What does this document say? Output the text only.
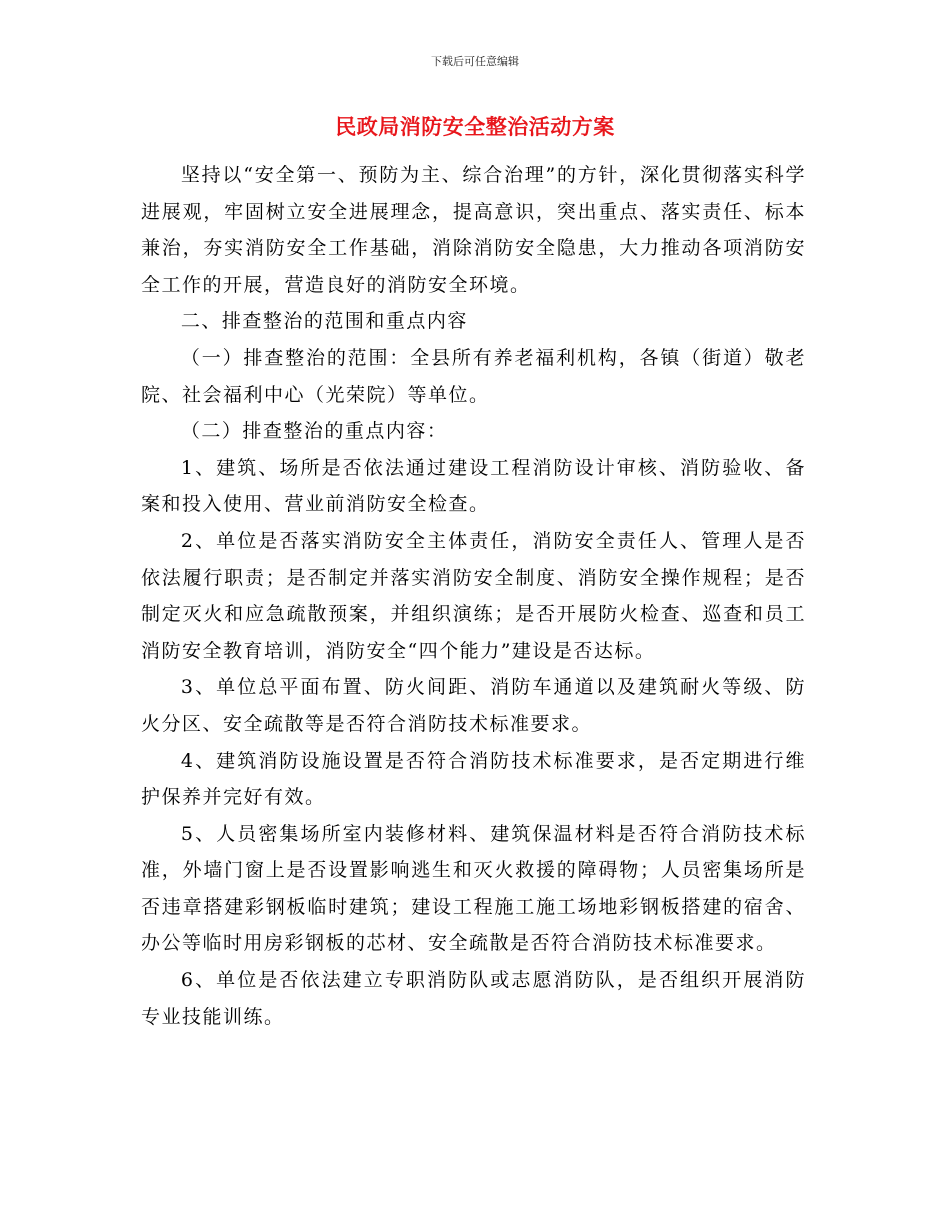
下载后可任意编辑
民政局消防安全整治活动方案

坚持以“安全第一、预防为主、综合治理”的方针，深化贯彻落实科学进展观，牢固树立安全进展理念，提高意识，突出重点、落实责任、标本兼治，夯实消防安全工作基础，消除消防安全隐患，大力推动各项消防安全工作的开展，营造良好的消防安全环境。

二、排查整治的范围和重点内容

（一）排查整治的范围：全县所有养老福利机构，各镇（街道）敬老院、社会福利中心（光荣院）等单位。

（二）排查整治的重点内容：

1、建筑、场所是否依法通过建设工程消防设计审核、消防验收、备案和投入使用、营业前消防安全检查。

2、单位是否落实消防安全主体责任，消防安全责任人、管理人是否依法履行职责；是否制定并落实消防安全制度、消防安全操作规程；是否制定灭火和应急疏散预案，并组织演练；是否开展防火检查、巡查和员工消防安全教育培训，消防安全“四个能力”建设是否达标。

3、单位总平面布置、防火间距、消防车通道以及建筑耐火等级、防火分区、安全疏散等是否符合消防技术标准要求。

4、建筑消防设施设置是否符合消防技术标准要求，是否定期进行维护保养并完好有效。

5、人员密集场所室内装修材料、建筑保温材料是否符合消防技术标准，外墙门窗上是否设置影响逃生和灭火救援的障碍物；人员密集场所是否违章搭建彩钢板临时建筑；建设工程施工施工场地彩钢板搭建的宿舍、办公等临时用房彩钢板的芯材、安全疏散是否符合消防技术标准要求。

6、单位是否依法建立专职消防队或志愿消防队，是否组织开展消防专业技能训练。
